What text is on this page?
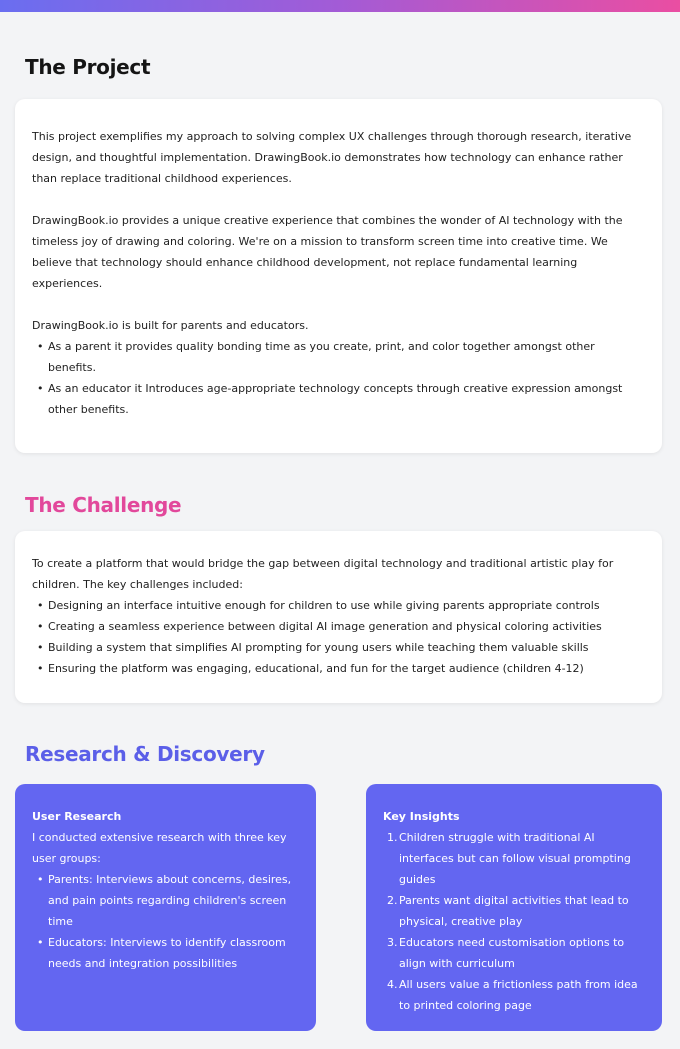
The Project

This project exemplifies my approach to solving complex UX challenges through thorough research, iterative design, and thoughtful implementation. DrawingBook.io demonstrates how technology can enhance rather than replace traditional childhood experiences.

DrawingBook.io provides a unique creative experience that combines the wonder of AI technology with the timeless joy of drawing and coloring. We're on a mission to transform screen time into creative time. We believe that technology should enhance childhood development, not replace fundamental learning experiences.

DrawingBook.io is built for parents and educators.

• As a parent it provides quality bonding time as you create, print, and color together amongst other benefits.
• As an educator it Introduces age-appropriate technology concepts through creative expression amongst other benefits.
The Challenge

To create a platform that would bridge the gap between digital technology and traditional artistic play for children. The key challenges included:

• Designing an interface intuitive enough for children to use while giving parents appropriate controls
• Creating a seamless experience between digital AI image generation and physical coloring activities
• Building a system that simplifies AI prompting for young users while teaching them valuable skills
• Ensuring the platform was engaging, educational, and fun for the target audience (children 4-12)
Research & Discovery

User Research

I conducted extensive research with three key user groups:

• Parents: Interviews about concerns, desires, and pain points regarding children's screen time
• Educators: Interviews to identify classroom needs and integration possibilities

Key Insights

1. Children struggle with traditional AI interfaces but can follow visual prompting guides
2. Parents want digital activities that lead to physical, creative play
3. Educators need customisation options to align with curriculum
4. All users value a frictionless path from idea to printed coloring page
